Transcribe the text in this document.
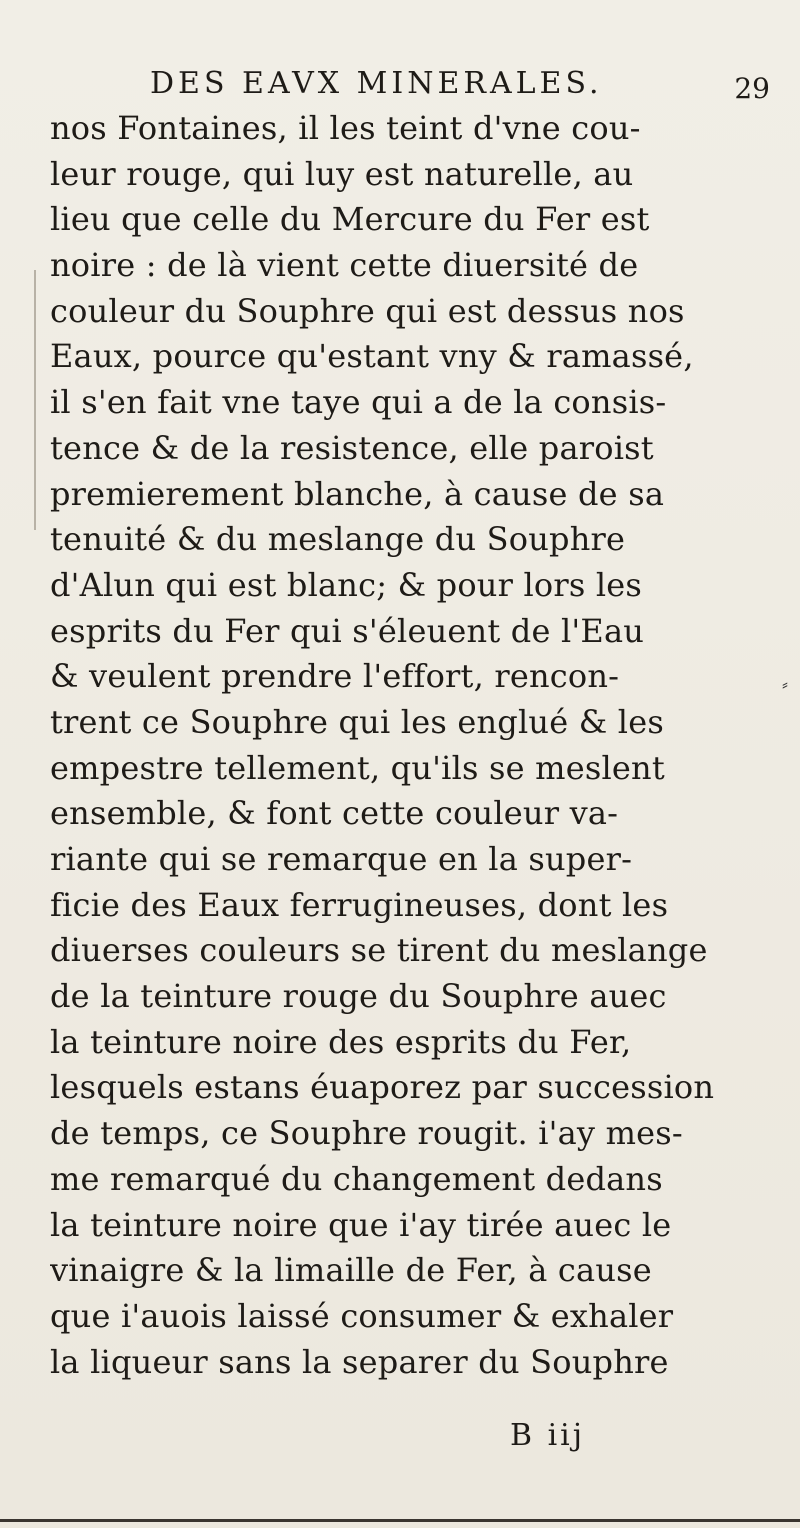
DES EAVX MINERALES.	29
nos Fontaines, il les teint d'vne cou-
leur rouge, qui luy est naturelle, au
lieu que celle du Mercure du Fer est
noire : de là vient cette diuersité de
couleur du Souphre qui est dessus nos
Eaux, pource qu'estant vny & ramassé,
il s'en fait vne taye qui a de la consis-
tence & de la resistence, elle paroist
premierement blanche, à cause de sa
tenuité & du meslange du Souphre
d'Alun qui est blanc; & pour lors les
esprits du Fer qui s'éleuent de l'Eau
& veulent prendre l'effort, rencon-
trent ce Souphre qui les englué & les
empestre tellement, qu'ils se meslent
ensemble, & font cette couleur va-
riante qui se remarque en la super-
ficie des Eaux ferrugineuses, dont les
diuerses couleurs se tirent du meslange
de la teinture rouge du Souphre auec
la teinture noire des esprits du Fer,
lesquels estans éuaporez par succession
de temps, ce Souphre rougit. i'ay mes-
me remarqué du changement dedans
la teinture noire que i'ay tirée auec le
vinaigre & la limaille de Fer, à cause
que i'auois laissé consumer & exhaler
la liqueur sans la separer du Souphre
⸗
B iij
